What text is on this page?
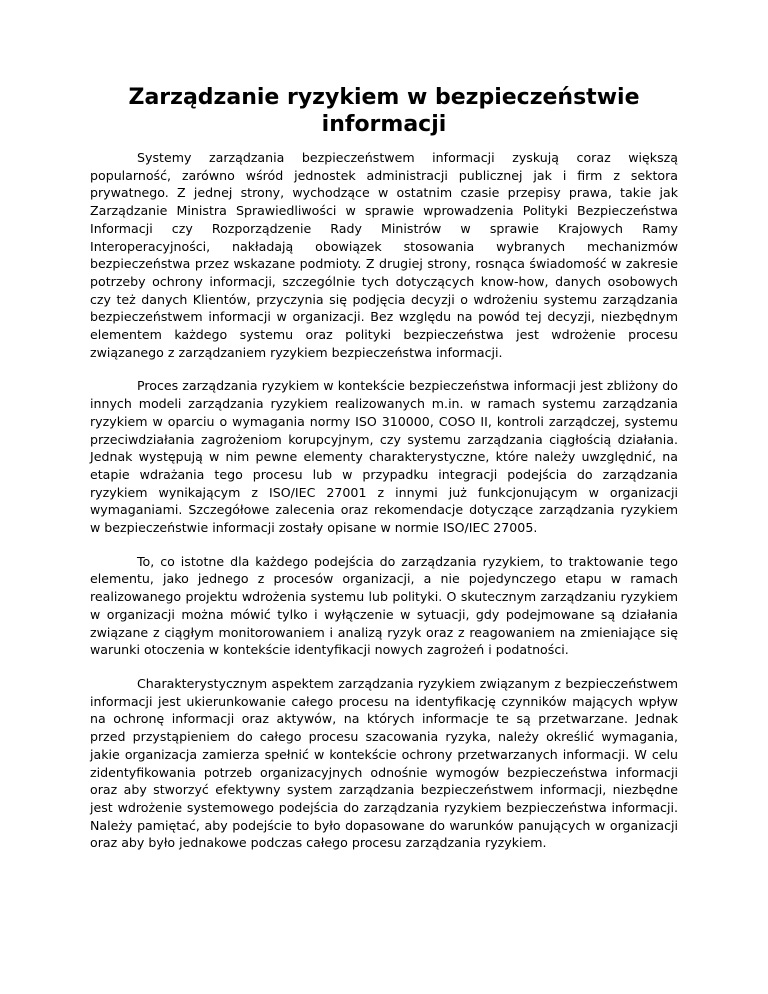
Zarządzanie ryzykiem w bezpieczeństwie informacji

Systemy zarządzania bezpieczeństwem informacji zyskują coraz większą popularność, zarówno wśród jednostek administracji publicznej jak i firm z sektora prywatnego. Z jednej strony, wychodzące w ostatnim czasie przepisy prawa, takie jak Zarządzanie Ministra Sprawiedliwości w sprawie wprowadzenia Polityki Bezpieczeństwa Informacji czy Rozporządzenie Rady Ministrów w sprawie Krajowych Ramy Interoperacyjności, nakładają obowiązek stosowania wybranych mechanizmów bezpieczeństwa przez wskazane podmioty. Z drugiej strony, rosnąca świadomość w zakresie potrzeby ochrony informacji, szczególnie tych dotyczących know-how, danych osobowych czy też danych Klientów, przyczynia się podjęcia decyzji o wdrożeniu systemu zarządzania bezpieczeństwem informacji w organizacji. Bez względu na powód tej decyzji, niezbędnym elementem każdego systemu oraz polityki bezpieczeństwa jest wdrożenie procesu związanego z zarządzaniem ryzykiem bezpieczeństwa informacji.

Proces zarządzania ryzykiem w kontekście bezpieczeństwa informacji jest zbliżony do innych modeli zarządzania ryzykiem realizowanych m.in. w ramach systemu zarządzania ryzykiem w oparciu o wymagania normy ISO 310000, COSO II, kontroli zarządczej, systemu przeciwdziałania zagrożeniom korupcyjnym, czy systemu zarządzania ciągłością działania. Jednak występują w nim pewne elementy charakterystyczne, które należy uwzględnić, na etapie wdrażania tego procesu lub w przypadku integracji podejścia do zarządzania ryzykiem wynikającym z ISO/IEC 27001 z innymi już funkcjonującym w organizacji wymaganiami. Szczegółowe zalecenia oraz rekomendacje dotyczące zarządzania ryzykiem w bezpieczeństwie informacji zostały opisane w normie ISO/IEC 27005.

To, co istotne dla każdego podejścia do zarządzania ryzykiem, to traktowanie tego elementu, jako jednego z procesów organizacji, a nie pojedynczego etapu w ramach realizowanego projektu wdrożenia systemu lub polityki. O skutecznym zarządzaniu ryzykiem w organizacji można mówić tylko i wyłączenie w sytuacji, gdy podejmowane są działania związane z ciągłym monitorowaniem i analizą ryzyk oraz z reagowaniem na zmieniające się warunki otoczenia w kontekście identyfikacji nowych zagrożeń i podatności.

Charakterystycznym aspektem zarządzania ryzykiem związanym z bezpieczeństwem informacji jest ukierunkowanie całego procesu na identyfikację czynników mających wpływ na ochronę informacji oraz aktywów, na których informacje te są przetwarzane. Jednak przed przystąpieniem do całego procesu szacowania ryzyka, należy określić wymagania, jakie organizacja zamierza spełnić w kontekście ochrony przetwarzanych informacji. W celu zidentyfikowania potrzeb organizacyjnych odnośnie wymogów bezpieczeństwa informacji oraz aby stworzyć efektywny system zarządzania bezpieczeństwem informacji, niezbędne jest wdrożenie systemowego podejścia do zarządzania ryzykiem bezpieczeństwa informacji. Należy pamiętać, aby podejście to było dopasowane do warunków panujących w organizacji oraz aby było jednakowe podczas całego procesu zarządzania ryzykiem.
